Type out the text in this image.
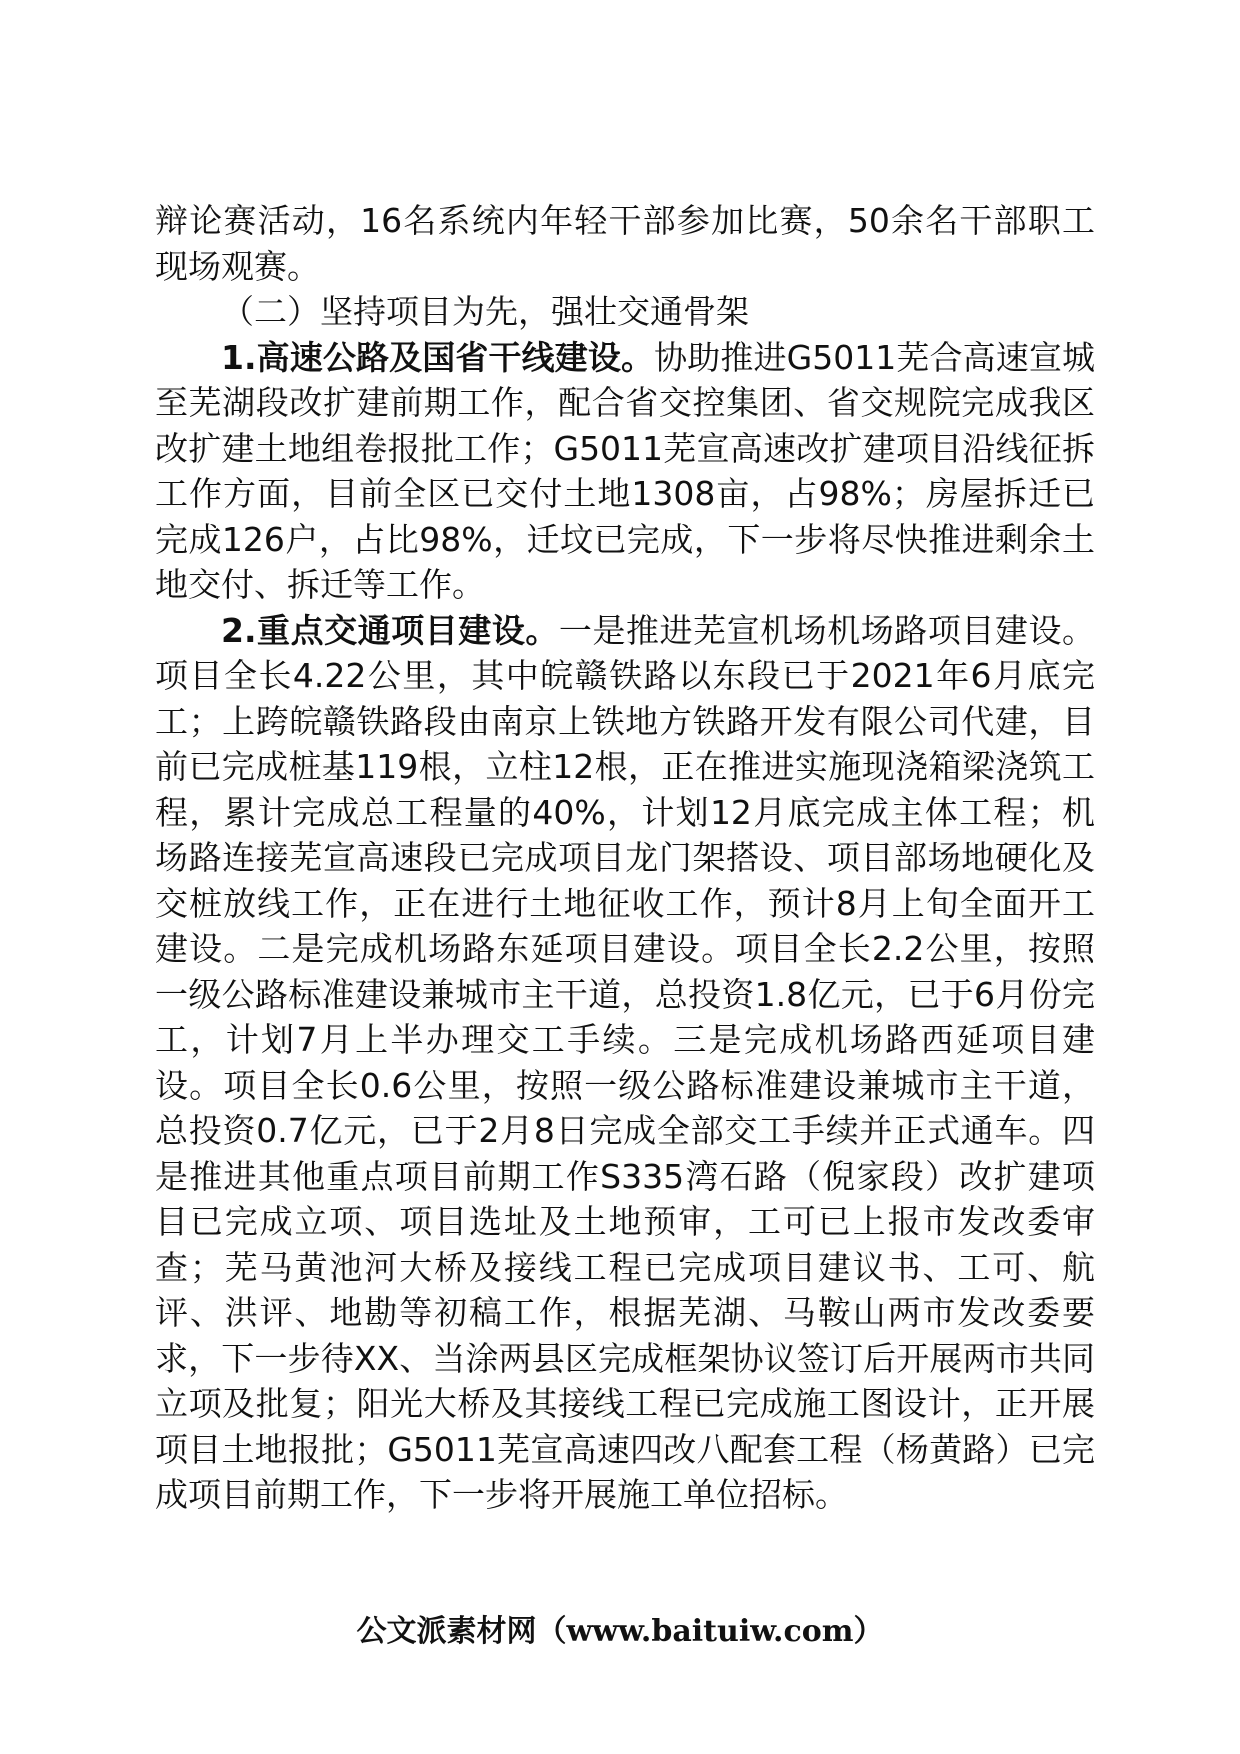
辩论赛活动，16名系统内年轻干部参加比赛，50余名干部职工现场观赛。

（二）坚持项目为先，强壮交通骨架

1.高速公路及国省干线建设。协助推进G5011芜合高速宣城至芜湖段改扩建前期工作，配合省交控集团、省交规院完成我区改扩建土地组卷报批工作；G5011芜宣高速改扩建项目沿线征拆工作方面，目前全区已交付土地1308亩，占98%；房屋拆迁已完成126户，占比98%，迁坟已完成，下一步将尽快推进剩余土地交付、拆迁等工作。

2.重点交通项目建设。一是推进芜宣机场机场路项目建设。项目全长4.22公里，其中皖赣铁路以东段已于2021年6月底完工；上跨皖赣铁路段由南京上铁地方铁路开发有限公司代建，目前已完成桩基119根，立柱12根，正在推进实施现浇箱梁浇筑工程，累计完成总工程量的40%，计划12月底完成主体工程；机场路连接芜宣高速段已完成项目龙门架搭设、项目部场地硬化及交桩放线工作，正在进行土地征收工作，预计8月上旬全面开工建设。二是完成机场路东延项目建设。项目全长2.2公里，按照一级公路标准建设兼城市主干道，总投资1.8亿元，已于6月份完工，计划7月上半办理交工手续。三是完成机场路西延项目建设。项目全长0.6公里，按照一级公路标准建设兼城市主干道，总投资0.7亿元，已于2月8日完成全部交工手续并正式通车。四是推进其他重点项目前期工作S335湾石路（倪家段）改扩建项目已完成立项、项目选址及土地预审，工可已上报市发改委审查；芜马黄池河大桥及接线工程已完成项目建议书、工可、航评、洪评、地勘等初稿工作，根据芜湖、马鞍山两市发改委要求，下一步待XX、当涂两县区完成框架协议签订后开展两市共同立项及批复；阳光大桥及其接线工程已完成施工图设计，正开展项目土地报批；G5011芜宣高速四改八配套工程（杨黄路）已完成项目前期工作，下一步将开展施工单位招标。

公文派素材网（www.baituiw.com）
